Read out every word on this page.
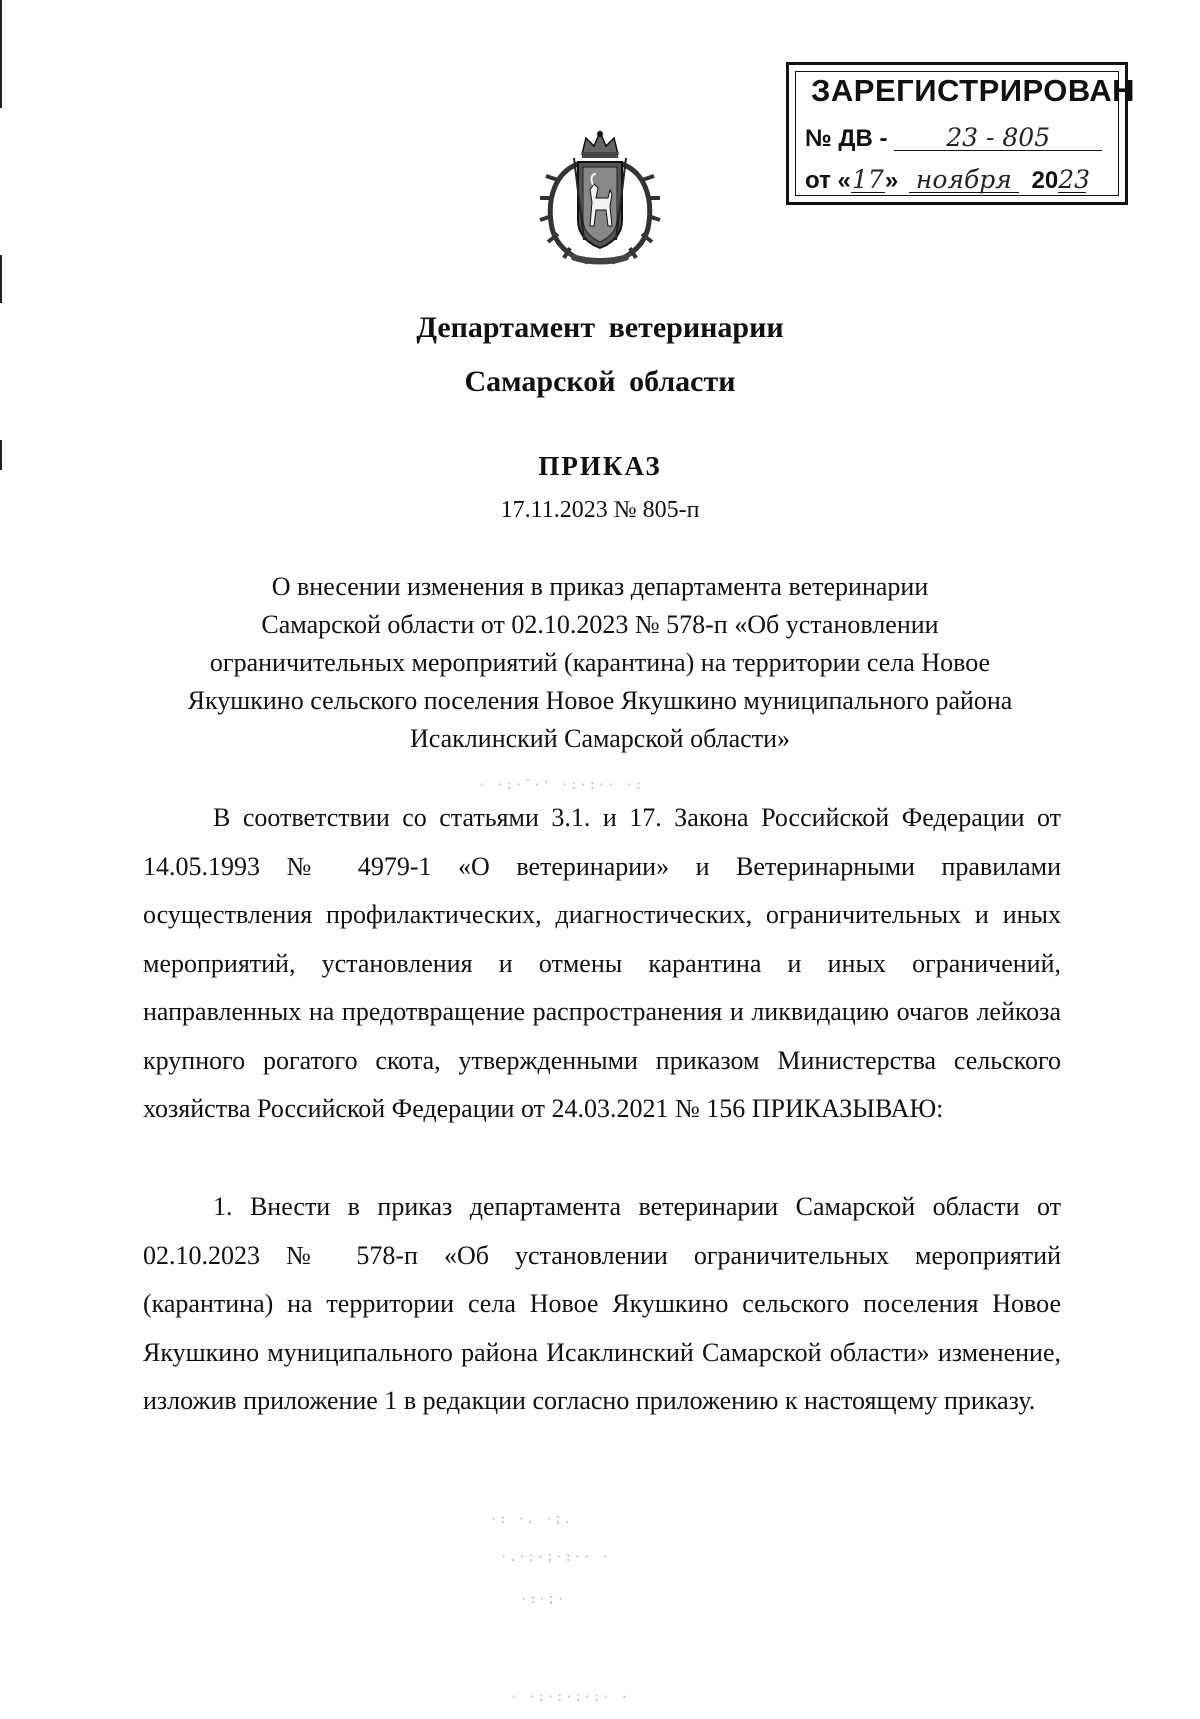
ЗАРЕГИСТРИРОВАН
№ ДВ - 23 - 805
от «17» ноября 2023
Департамент ветеринарии
Самарской области
ПРИКАЗ
17.11.2023 № 805-п
О внесении изменения в приказ департамента ветеринарии
Самарской области от 02.10.2023 № 578-п «Об установлении
ограничительных мероприятий (карантина) на территории села Новое
Якушкино сельского поселения Новое Якушкино муниципального района
Исаклинский Самарской области»
В соответствии со статьями 3.1. и 17. Закона Российской Федерации от 14.05.1993 № 4979-1 «О ветеринарии» и Ветеринарными правилами осуществления профилактических, диагностических, ограничительных и иных мероприятий, установления и отмены карантина и иных ограничений, направленных на предотвращение распространения и ликвидацию очагов лейкоза крупного рогатого скота, утвержденными приказом Министерства сельского хозяйства Российской Федерации от 24.03.2021 № 156 ПРИКАЗЫВАЮ:
1. Внести в приказ департамента ветеринарии Самарской области от 02.10.2023 № 578-п «Об установлении ограничительных мероприятий (карантина) на территории села Новое Якушкино сельского поселения Новое Якушкино муниципального района Исаклинский Самарской области» изменение, изложив приложение 1 в редакции согласно приложению к настоящему приказу.
· ·:·¨·' ·:·:·· ·:
·: ·. ·;.
·.·:·;·:·· ·
·:·;·
· ·:·:·:·:· ·
